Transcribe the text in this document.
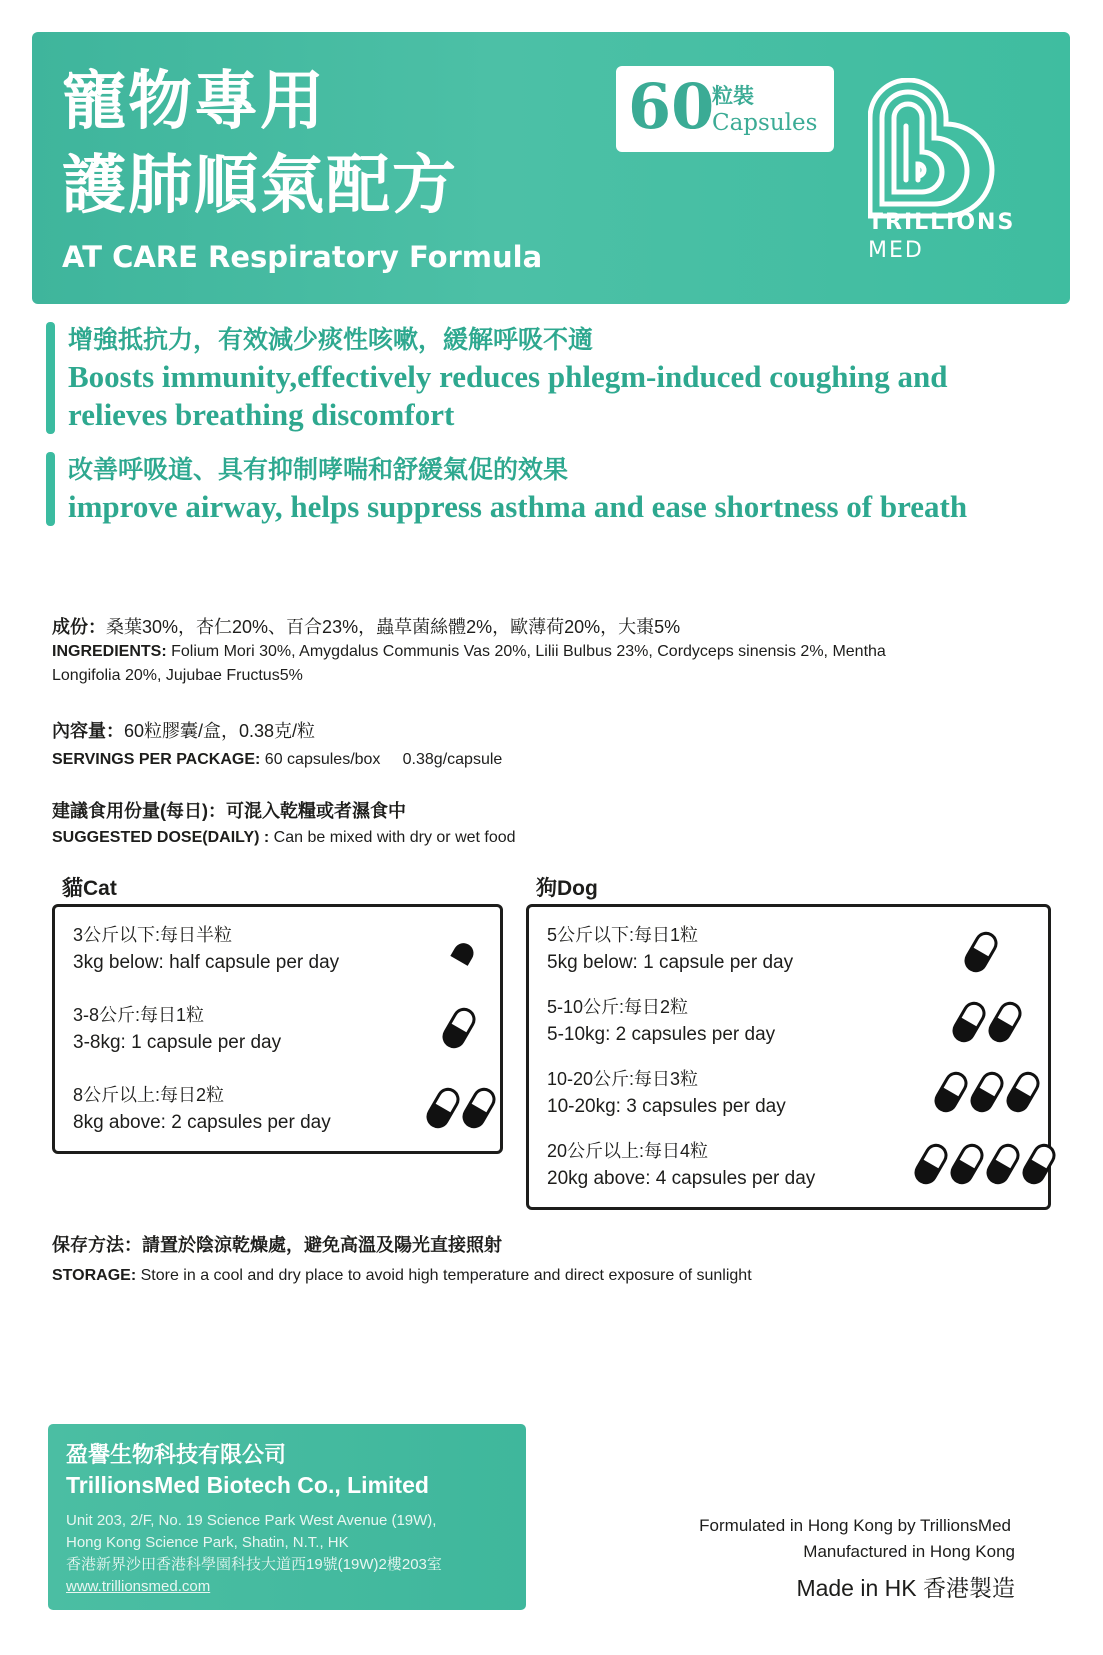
寵物專用
護肺順氣配方
AT CARE Respiratory Formula
60
粒裝
Capsules
TRILLIONS
MED
增強抵抗力，有效減少痰性咳嗽，緩解呼吸不適
Boosts immunity,effectively reduces phlegm-induced coughing and relieves breathing discomfort
改善呼吸道、具有抑制哮喘和舒緩氣促的效果
improve airway, helps suppress asthma and ease shortness of breath
成份：桑葉30%，杏仁20%、百合23%，蟲草菌絲體2%，歐薄荷20%，大棗5%
INGREDIENTS: Folium Mori 30%, Amygdalus Communis Vas 20%, Lilii Bulbus 23%, Cordyceps sinensis 2%, Mentha Longifolia 20%, Jujubae Fructus5%
內容量：60粒膠囊/盒，0.38克/粒
SERVINGS PER PACKAGE: 60 capsules/box     0.38g/capsule
建議食用份量(每日)：可混入乾糧或者濕食中
SUGGESTED DOSE(DAILY) : Can be mixed with dry or wet food
貓Cat
3公斤以下:每日半粒
3kg below: half capsule per day
3-8公斤:每日1粒
3-8kg: 1 capsule per day
8公斤以上:每日2粒
8kg above: 2 capsules per day
狗Dog
5公斤以下:每日1粒
5kg below: 1 capsule per day
5-10公斤:每日2粒
5-10kg: 2 capsules per day
10-20公斤:每日3粒
10-20kg: 3 capsules per day
20公斤以上:每日4粒
20kg above: 4 capsules per day
保存方法：請置於陰涼乾燥處，避免高溫及陽光直接照射
STORAGE: Store in a cool and dry place to avoid high temperature and direct exposure of sunlight
盈譽生物科技有限公司
TrillionsMed Biotech Co., Limited
Unit 203, 2/F, No. 19 Science Park West Avenue (19W),
Hong Kong Science Park, Shatin, N.T., HK
香港新界沙田香港科學園科技大道西19號(19W)2樓203室
www.trillionsmed.com
Formulated in Hong Kong by TrillionsMed
Manufactured in Hong Kong
Made in HK 香港製造
